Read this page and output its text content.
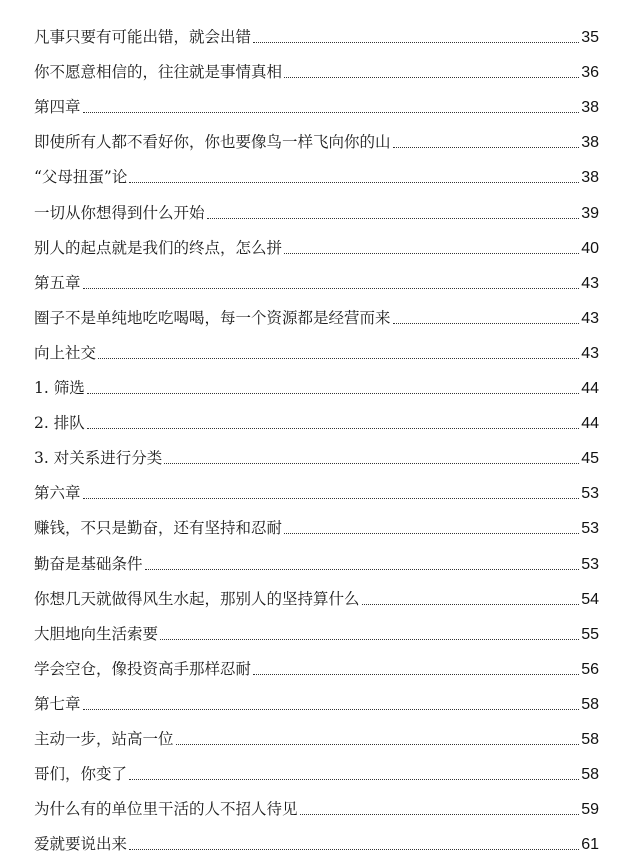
凡事只要有可能出错，就会出错	35
你不愿意相信的，往往就是事情真相	36
第四章	38
即使所有人都不看好你，你也要像鸟一样飞向你的山	38
“父母扭蛋”论	38
一切从你想得到什么开始	39
别人的起点就是我们的终点，怎么拼	40
第五章	43
圈子不是单纯地吃吃喝喝，每一个资源都是经营而来	43
向上社交	43
1. 筛选	44
2. 排队	44
3. 对关系进行分类	45
第六章	53
赚钱，不只是勤奋，还有坚持和忍耐	53
勤奋是基础条件	53
你想几天就做得风生水起，那别人的坚持算什么	54
大胆地向生活索要	55
学会空仓，像投资高手那样忍耐	56
第七章	58
主动一步，站高一位	58
哥们，你变了	58
为什么有的单位里干活的人不招人待见	59
爱就要说出来	61
